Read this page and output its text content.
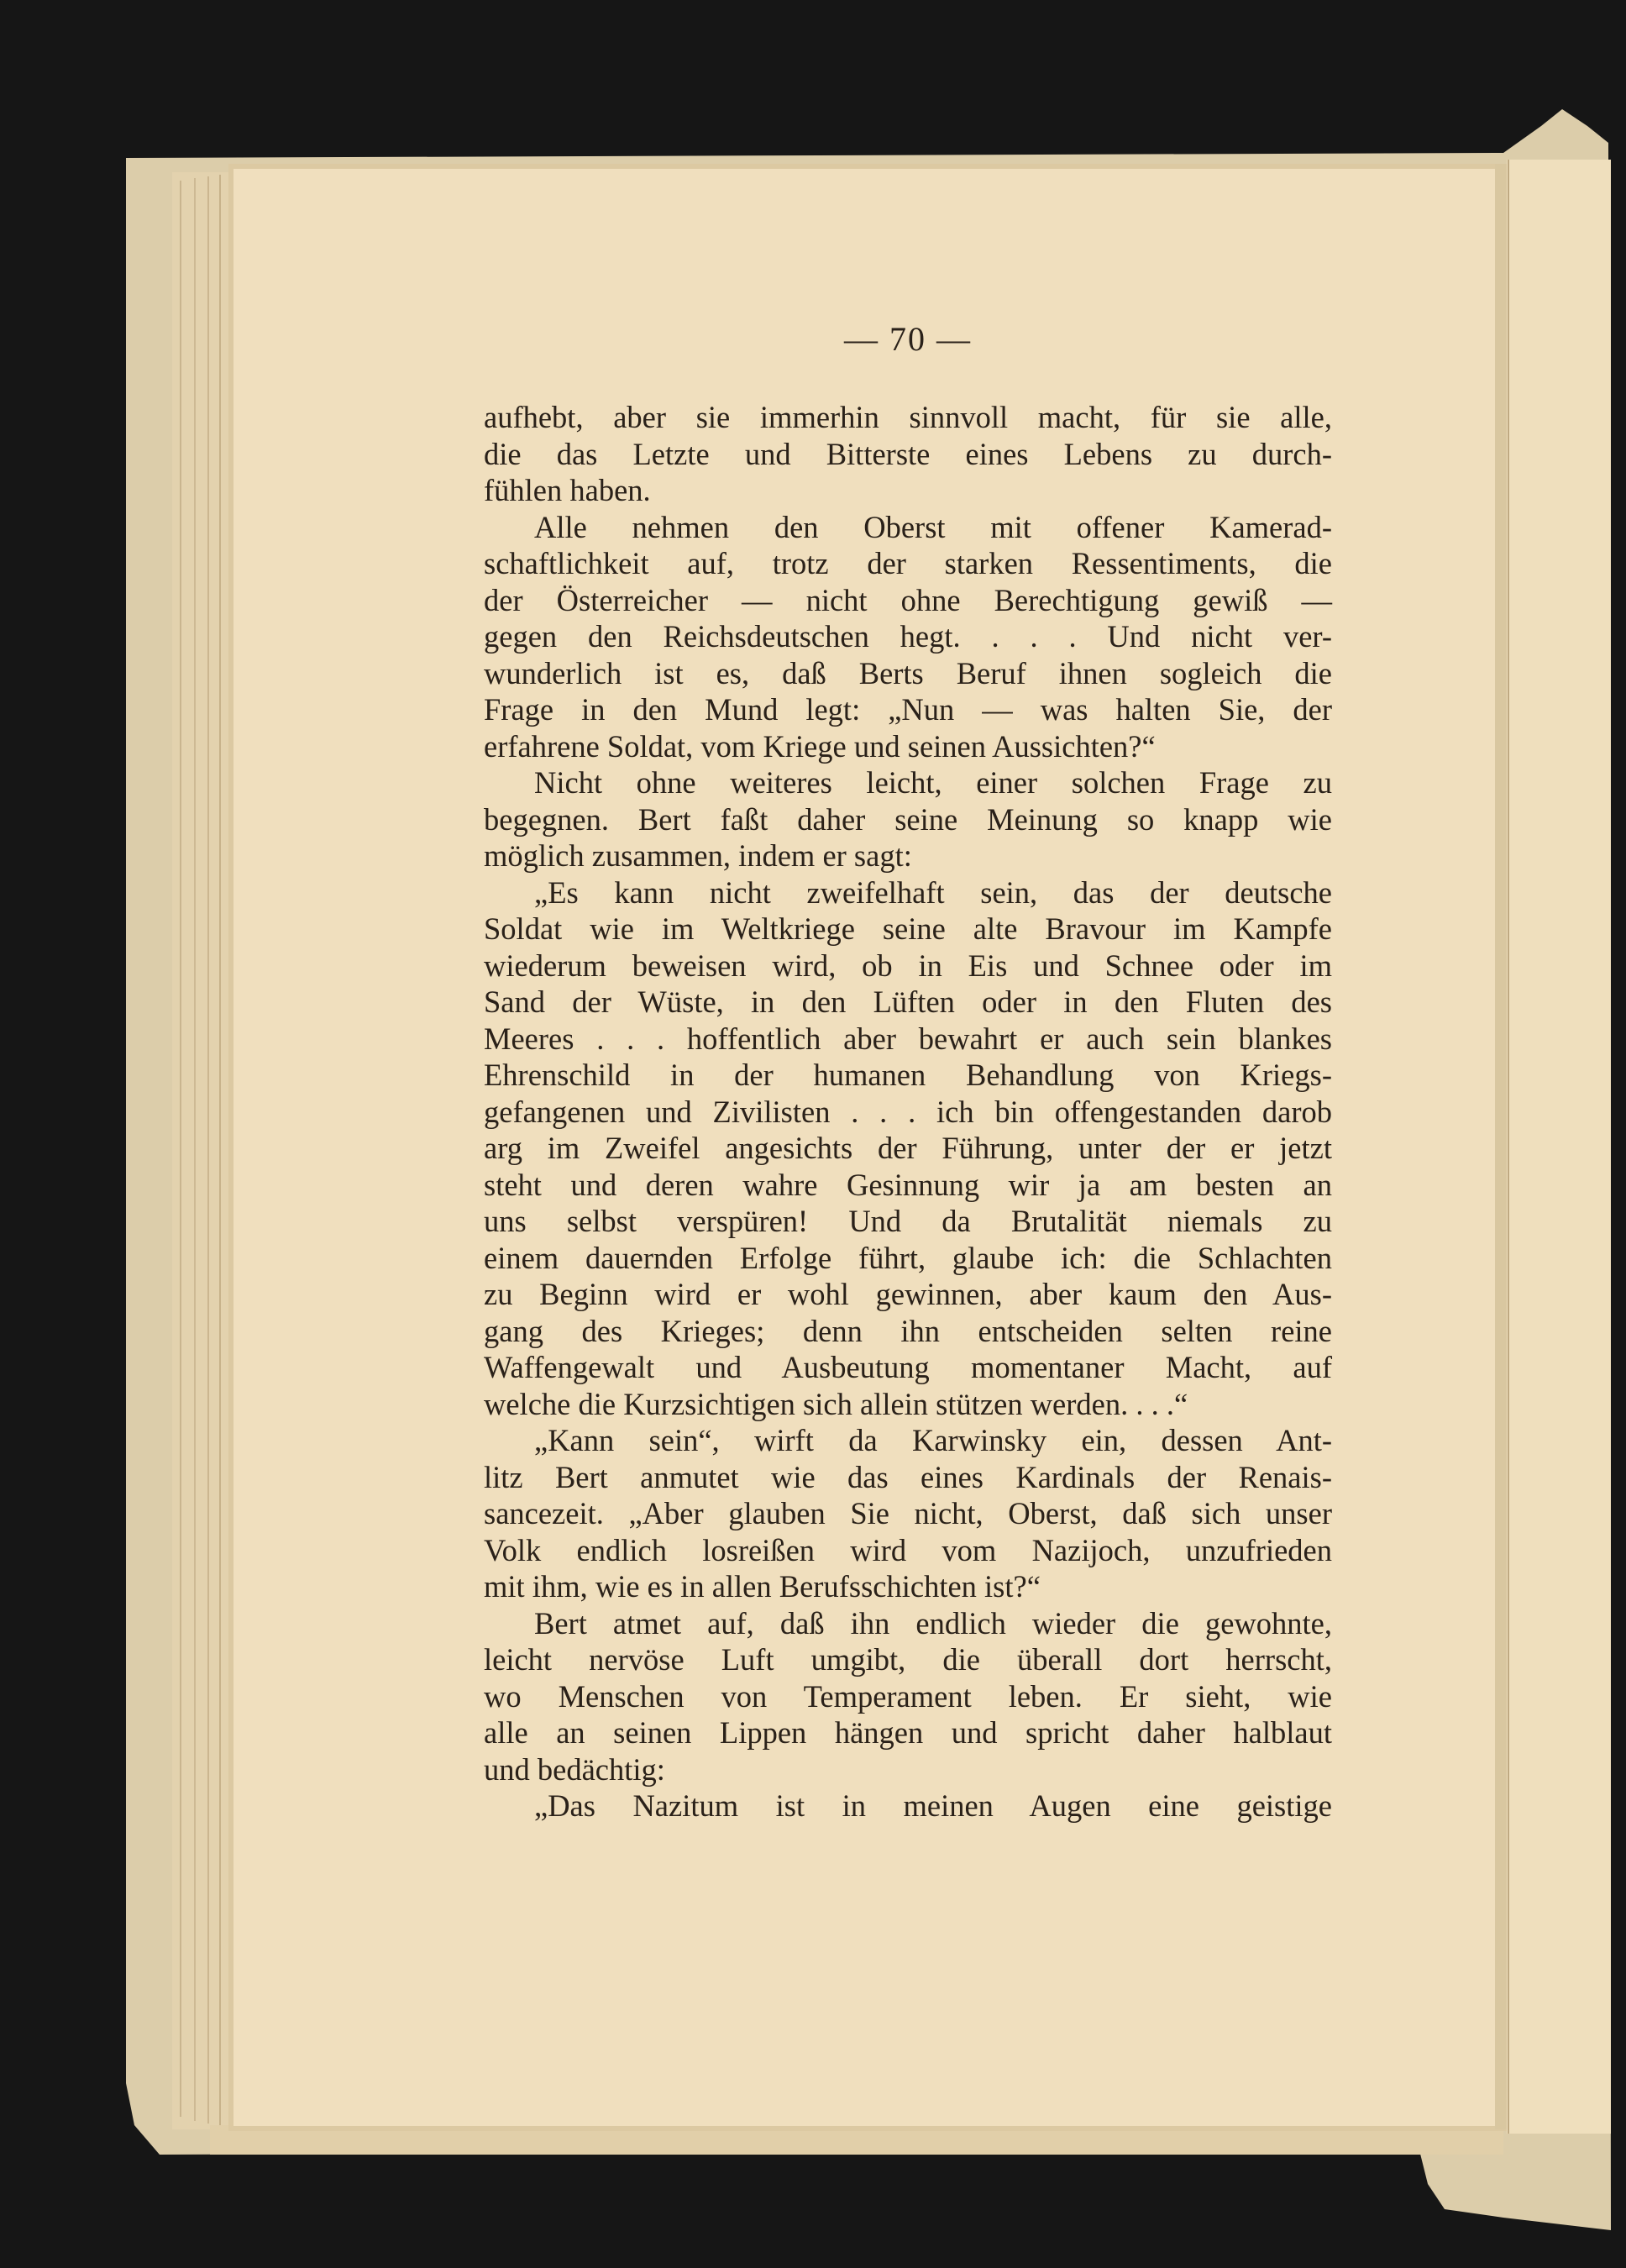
— 70 —
aufhebt, aber sie immerhin sinnvoll macht, für sie alle,
die das Letzte und Bitterste eines Lebens zu durch-
fühlen haben.
Alle nehmen den Oberst mit offener Kamerad-
schaftlichkeit auf, trotz der starken Ressentiments, die
der Österreicher — nicht ohne Berechtigung gewiß —
gegen den Reichsdeutschen hegt. . . . Und nicht ver-
wunderlich ist es, daß Berts Beruf ihnen sogleich die
Frage in den Mund legt: „Nun — was halten Sie, der
erfahrene Soldat, vom Kriege und seinen Aussichten?“
Nicht ohne weiteres leicht, einer solchen Frage zu
begegnen. Bert faßt daher seine Meinung so knapp wie
möglich zusammen, indem er sagt:
„Es kann nicht zweifelhaft sein, das der deutsche
Soldat wie im Weltkriege seine alte Bravour im Kampfe
wiederum beweisen wird, ob in Eis und Schnee oder im
Sand der Wüste, in den Lüften oder in den Fluten des
Meeres . . . hoffentlich aber bewahrt er auch sein blankes
Ehrenschild in der humanen Behandlung von Kriegs-
gefangenen und Zivilisten . . . ich bin offengestanden darob
arg im Zweifel angesichts der Führung, unter der er jetzt
steht und deren wahre Gesinnung wir ja am besten an
uns selbst verspüren! Und da Brutalität niemals zu
einem dauernden Erfolge führt, glaube ich: die Schlachten
zu Beginn wird er wohl gewinnen, aber kaum den Aus-
gang des Krieges; denn ihn entscheiden selten reine
Waffengewalt und Ausbeutung momentaner Macht, auf
welche die Kurzsichtigen sich allein stützen werden. . . .“
„Kann sein“, wirft da Karwinsky ein, dessen Ant-
litz Bert anmutet wie das eines Kardinals der Renais-
sancezeit. „Aber glauben Sie nicht, Oberst, daß sich unser
Volk endlich losreißen wird vom Nazijoch, unzufrieden
mit ihm, wie es in allen Berufsschichten ist?“
Bert atmet auf, daß ihn endlich wieder die gewohnte,
leicht nervöse Luft umgibt, die überall dort herrscht,
wo Menschen von Temperament leben. Er sieht, wie
alle an seinen Lippen hängen und spricht daher halblaut
und bedächtig:
„Das Nazitum ist in meinen Augen eine geistige
